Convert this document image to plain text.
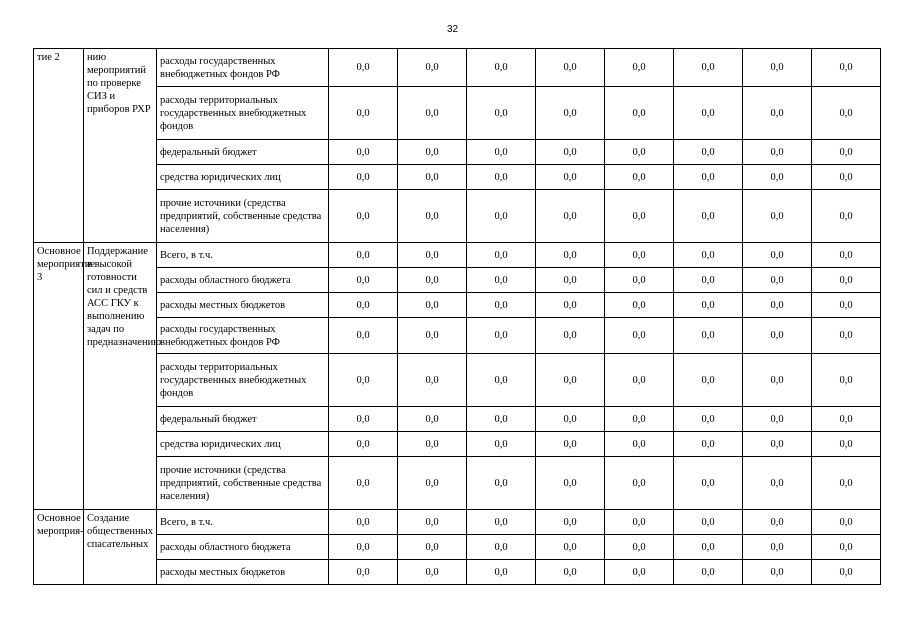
32
тие 2	нию мероприятий по проверке СИЗ и приборов РХР	расходы государственных внебюджетных фондов РФ	0,0	0,0	0,0	0,0	0,0	0,0	0,0	0,0
		расходы территориальных государственных внебюджетных фондов	0,0	0,0	0,0	0,0	0,0	0,0	0,0	0,0
		федеральный бюджет	0,0	0,0	0,0	0,0	0,0	0,0	0,0	0,0
		средства юридических лиц	0,0	0,0	0,0	0,0	0,0	0,0	0,0	0,0
		прочие источники (средства предприятий, собственные средства населения)	0,0	0,0	0,0	0,0	0,0	0,0	0,0	0,0
Основное мероприятие 3	Поддержание в высокой готовности сил и средств АСС ГКУ к выполнению задач по предназначению	Всего, в т.ч.	0,0	0,0	0,0	0,0	0,0	0,0	0,0	0,0
		расходы областного бюджета	0,0	0,0	0,0	0,0	0,0	0,0	0,0	0,0
		расходы местных бюджетов	0,0	0,0	0,0	0,0	0,0	0,0	0,0	0,0
		расходы государственных внебюджетных фондов РФ	0,0	0,0	0,0	0,0	0,0	0,0	0,0	0,0
		расходы территориальных государственных внебюджетных фондов	0,0	0,0	0,0	0,0	0,0	0,0	0,0	0,0
		федеральный бюджет	0,0	0,0	0,0	0,0	0,0	0,0	0,0	0,0
		средства юридических лиц	0,0	0,0	0,0	0,0	0,0	0,0	0,0	0,0
		прочие источники (средства предприятий, собственные средства населения)	0,0	0,0	0,0	0,0	0,0	0,0	0,0	0,0
Основное мероприя-	Создание общественных спасательных	Всего, в т.ч.	0,0	0,0	0,0	0,0	0,0	0,0	0,0	0,0
		расходы областного бюджета	0,0	0,0	0,0	0,0	0,0	0,0	0,0	0,0
		расходы местных бюджетов	0,0	0,0	0,0	0,0	0,0	0,0	0,0	0,0
